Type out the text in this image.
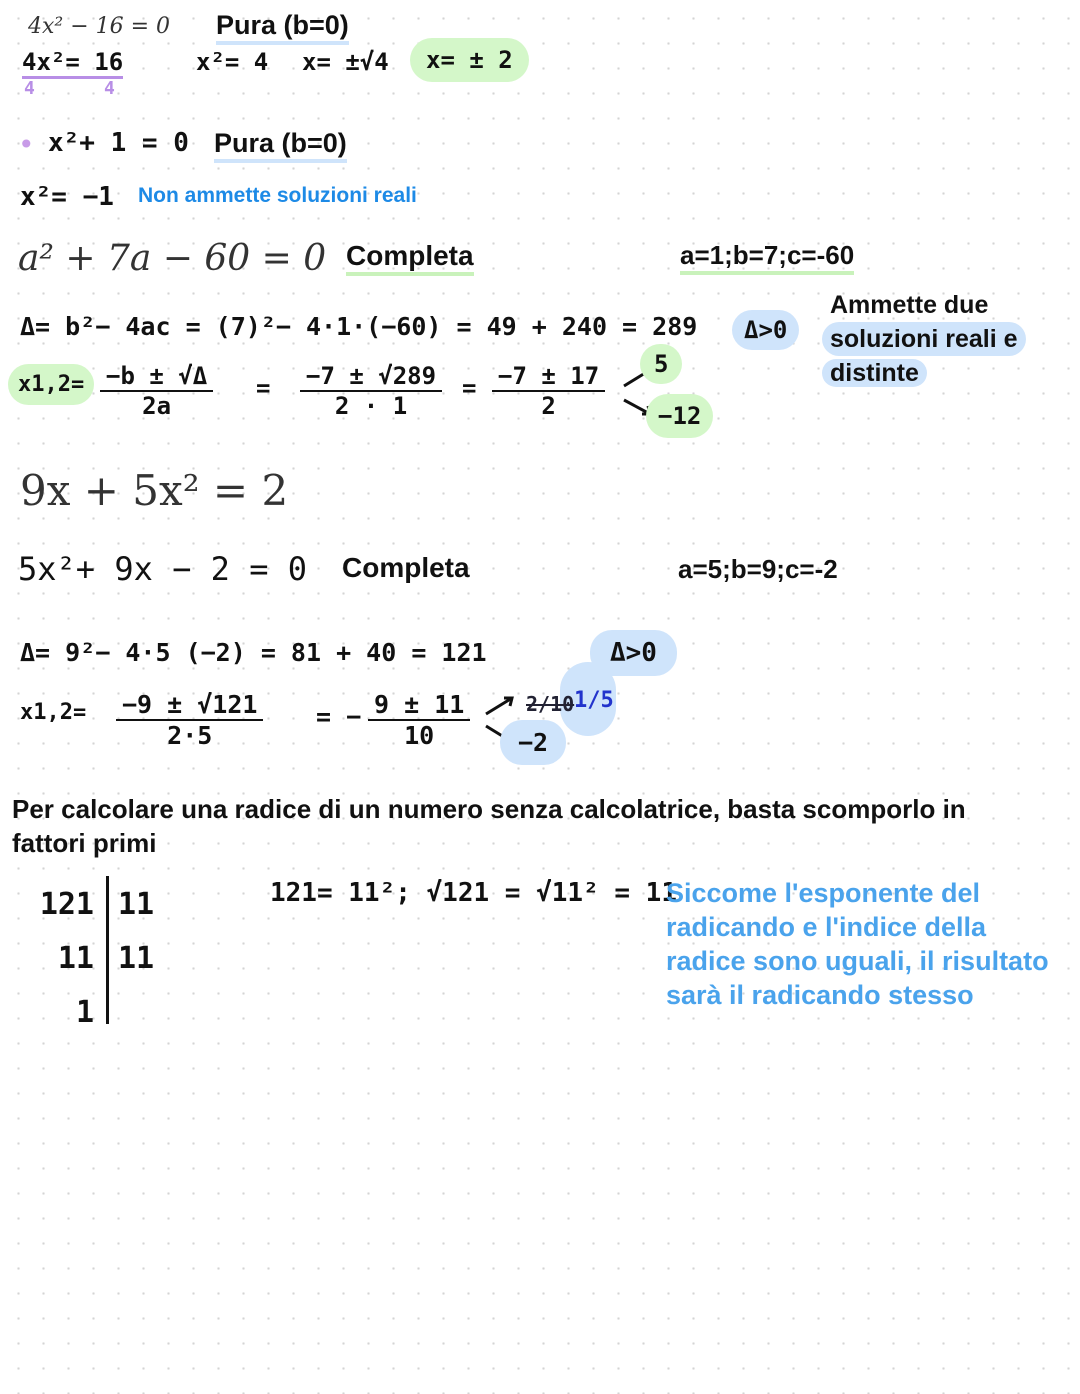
4x² − 16 = 0 Pura (b=0)
4x²= 16
4	4
x²= 4 x= ±√4	x= ± 2
• x²+ 1 = 0 Pura (b=0)
x²= −1 Non ammette soluzioni reali
a² + 7a − 60 = 0 Completa	a=1;b=7;c=-60
Δ= b²− 4ac = (7)²− 4·1·(−60) = 49 + 240 = 289	Δ>0
Ammette due
soluzioni reali e
distinte
$x1,2= \frac{-b \pm √\Delta}{2a} = \frac{-7 \pm √289}{2 \cdot 1} = \frac{-7 \pm 17}{2}$	5
−12
9x + 5x² = 2
5x²+ 9x − 2 = 0 Completa	a=5;b=9;c=-2
Δ= 9²− 4·5 (−2) = 81 + 40 = 121	Δ>0
$x1,2= \frac{-9 \pm √121}{2\cdot 5}$ = − $\frac{9 \pm 11}{10}$	2/10 1/5
−2
Per calcolare una radice di un numero senza calcolatrice, basta scomporlo in
fattori primi
121
11
1
11
11
121= 11²; √121 = √11² = 11
Siccome l'esponente del
radicando e l'indice della
radice sono uguali, il risultato
sarà il radicando stesso
